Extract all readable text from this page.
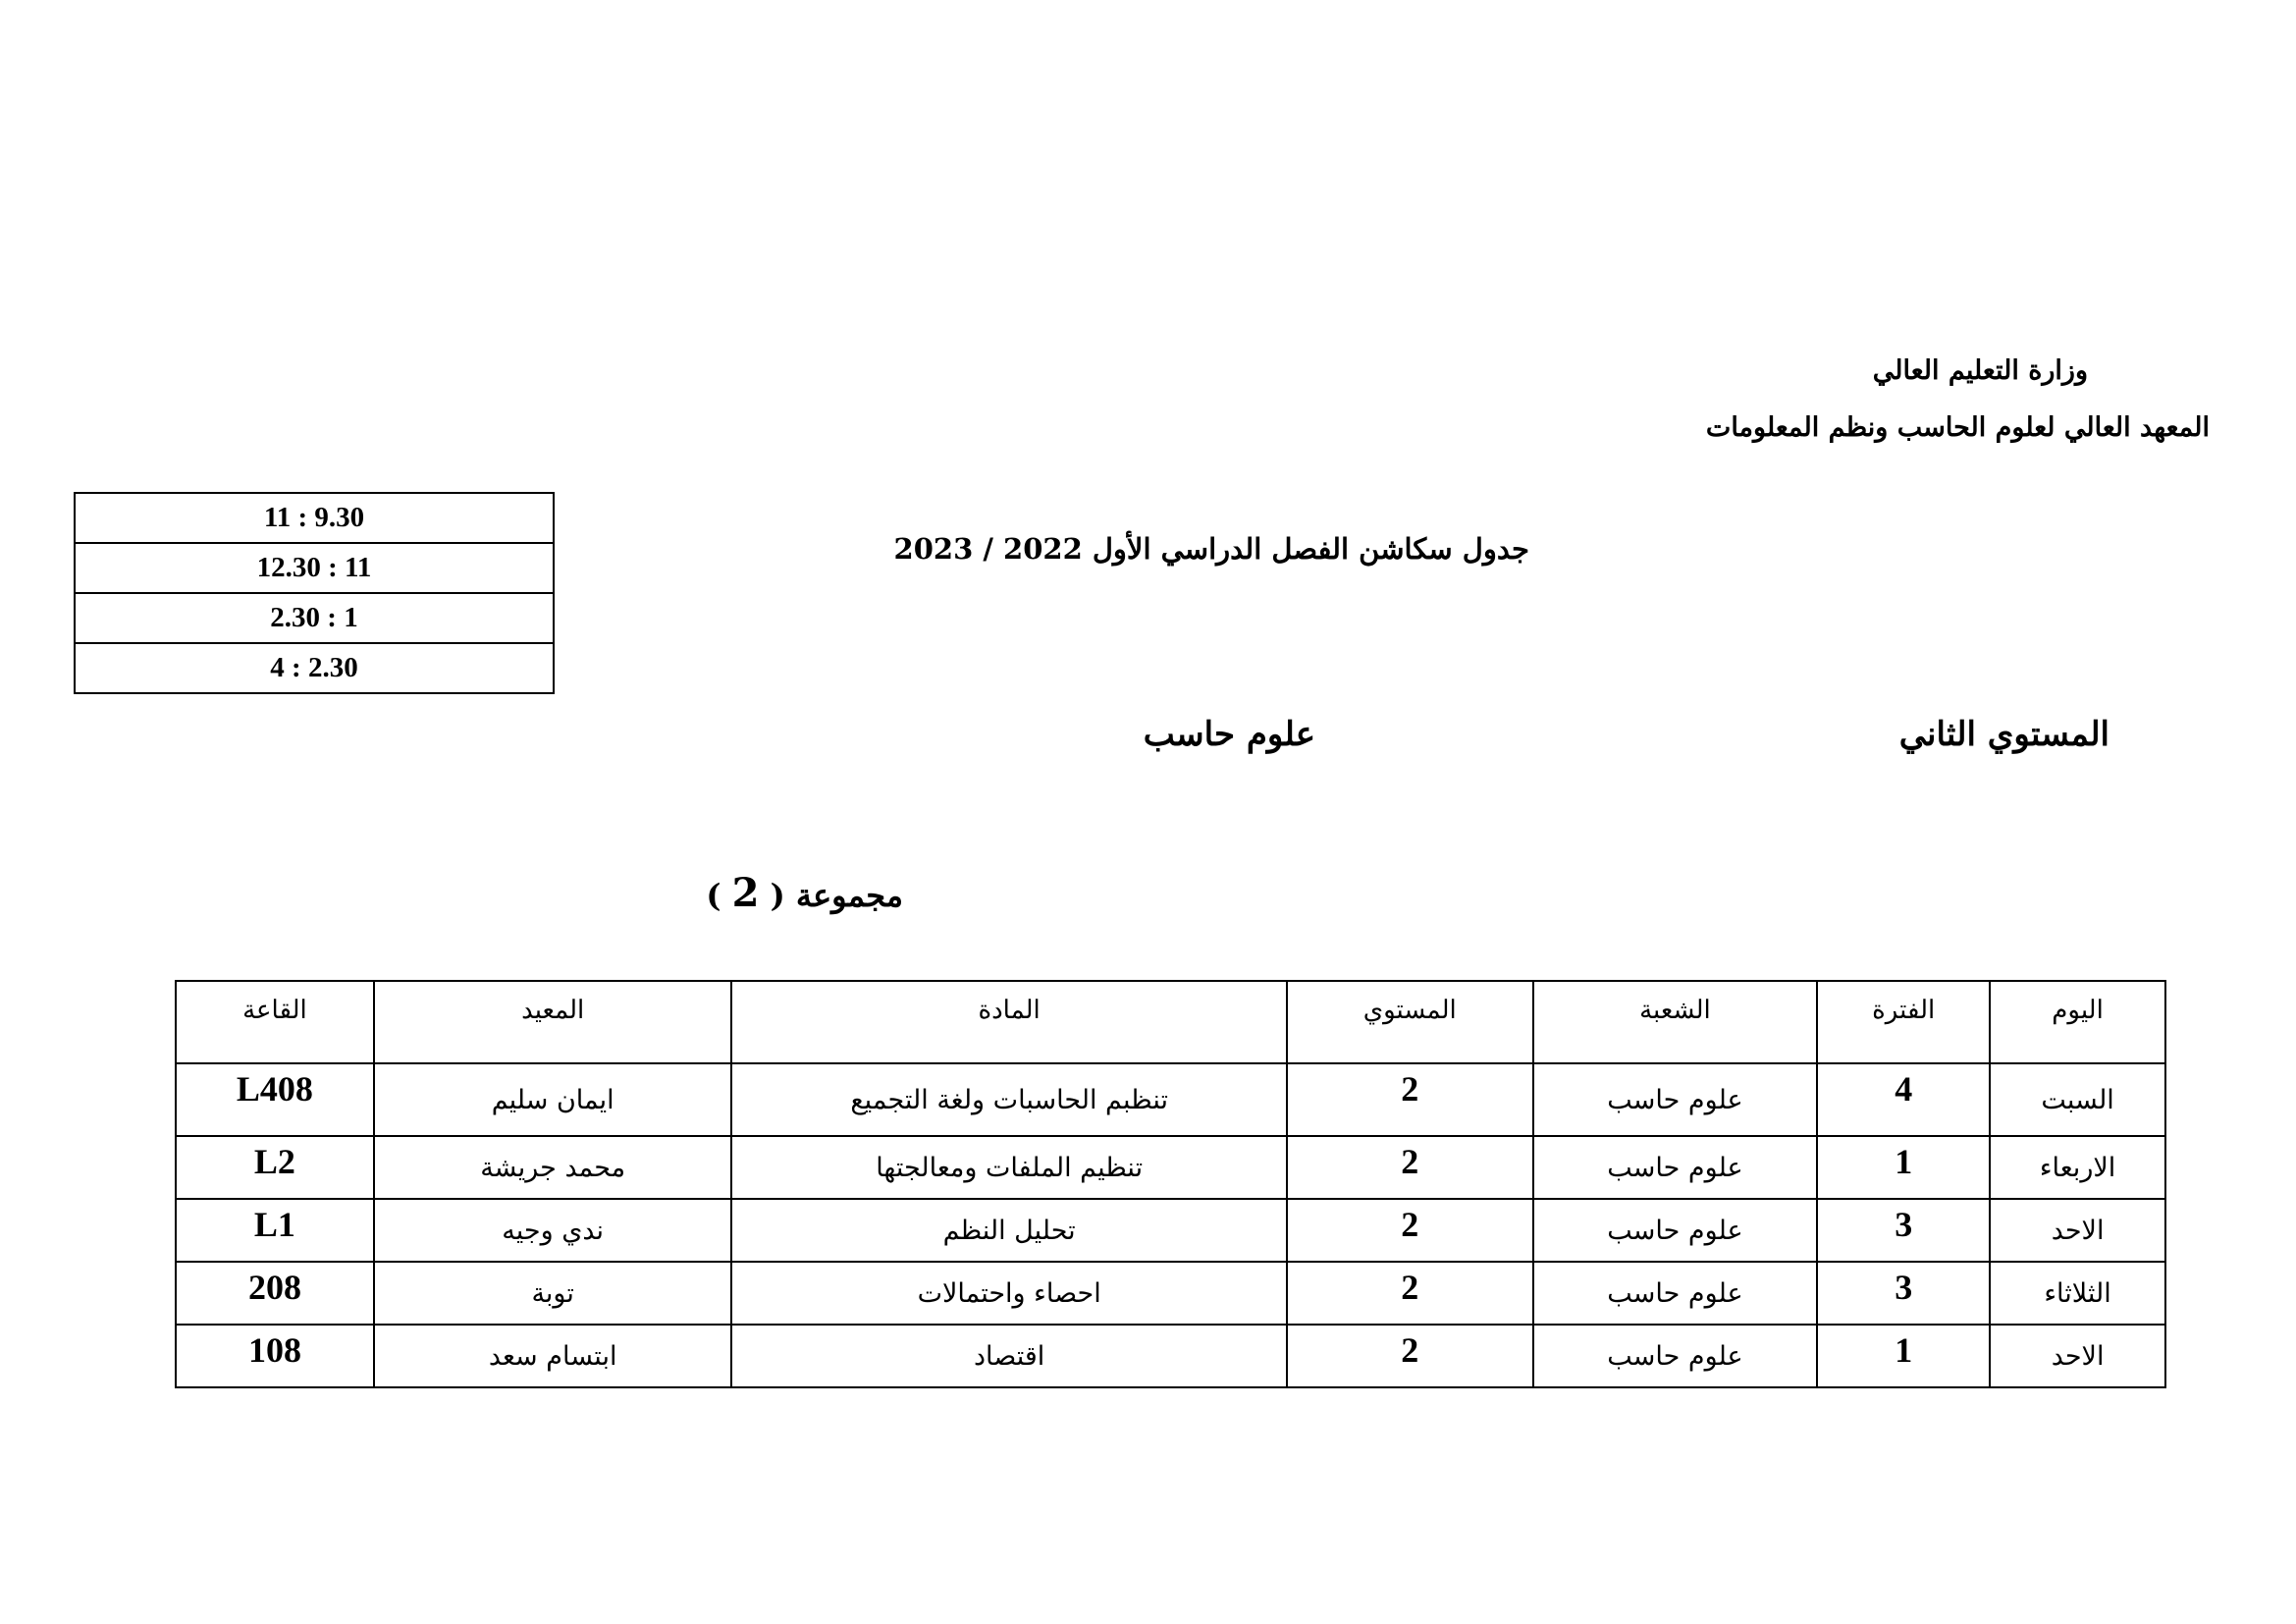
وزارة التعليم العالي
المعهد العالي لعلوم الحاسب ونظم المعلومات
11 : 9.30
12.30 : 11
2.30 : 1
4 : 2.30
جدول سكاشن الفصل الدراسي الأول 2022 / 2023
المستوي الثاني
علوم حاسب
مجموعة ( 2 )
اليوم	الفترة	الشعبة	المستوي	المادة	المعيد	القاعة
السبت	4	علوم حاسب	2	تنظبم الحاسبات ولغة التجميع	ايمان سليم	L408
الاربعاء	1	علوم حاسب	2	تنظيم الملفات ومعالجتها	محمد جريشة	L2
الاحد	3	علوم حاسب	2	تحليل النظم	ندي وجيه	L1
الثلاثاء	3	علوم حاسب	2	احصاء واحتمالات	توبة	208
الاحد	1	علوم حاسب	2	اقتصاد	ابتسام سعد	108
